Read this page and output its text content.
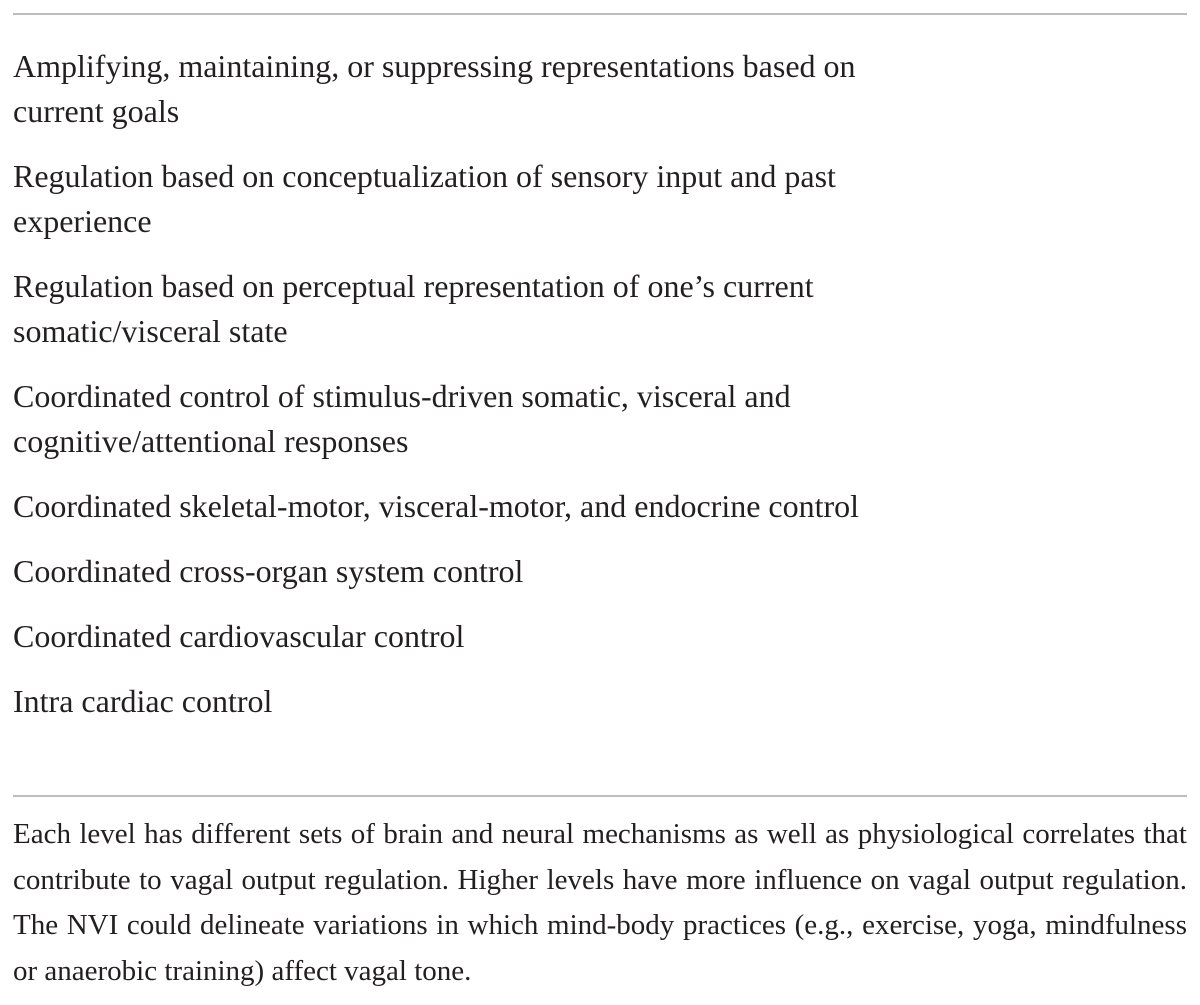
Amplifying, maintaining, or suppressing representations based on current goals

Regulation based on conceptualization of sensory input and past experience

Regulation based on perceptual representation of one’s current somatic/visceral state

Coordinated control of stimulus-driven somatic, visceral and cognitive/attentional responses

Coordinated skeletal-motor, visceral-motor, and endocrine control

Coordinated cross-organ system control

Coordinated cardiovascular control

Intra cardiac control

Each level has different sets of brain and neural mechanisms as well as physiological correlates that contribute to vagal output regulation. Higher levels have more influence on vagal output regulation. The NVI could delineate variations in which mind-body practices (e.g., exercise, yoga, mindfulness or anaerobic training) affect vagal tone.
